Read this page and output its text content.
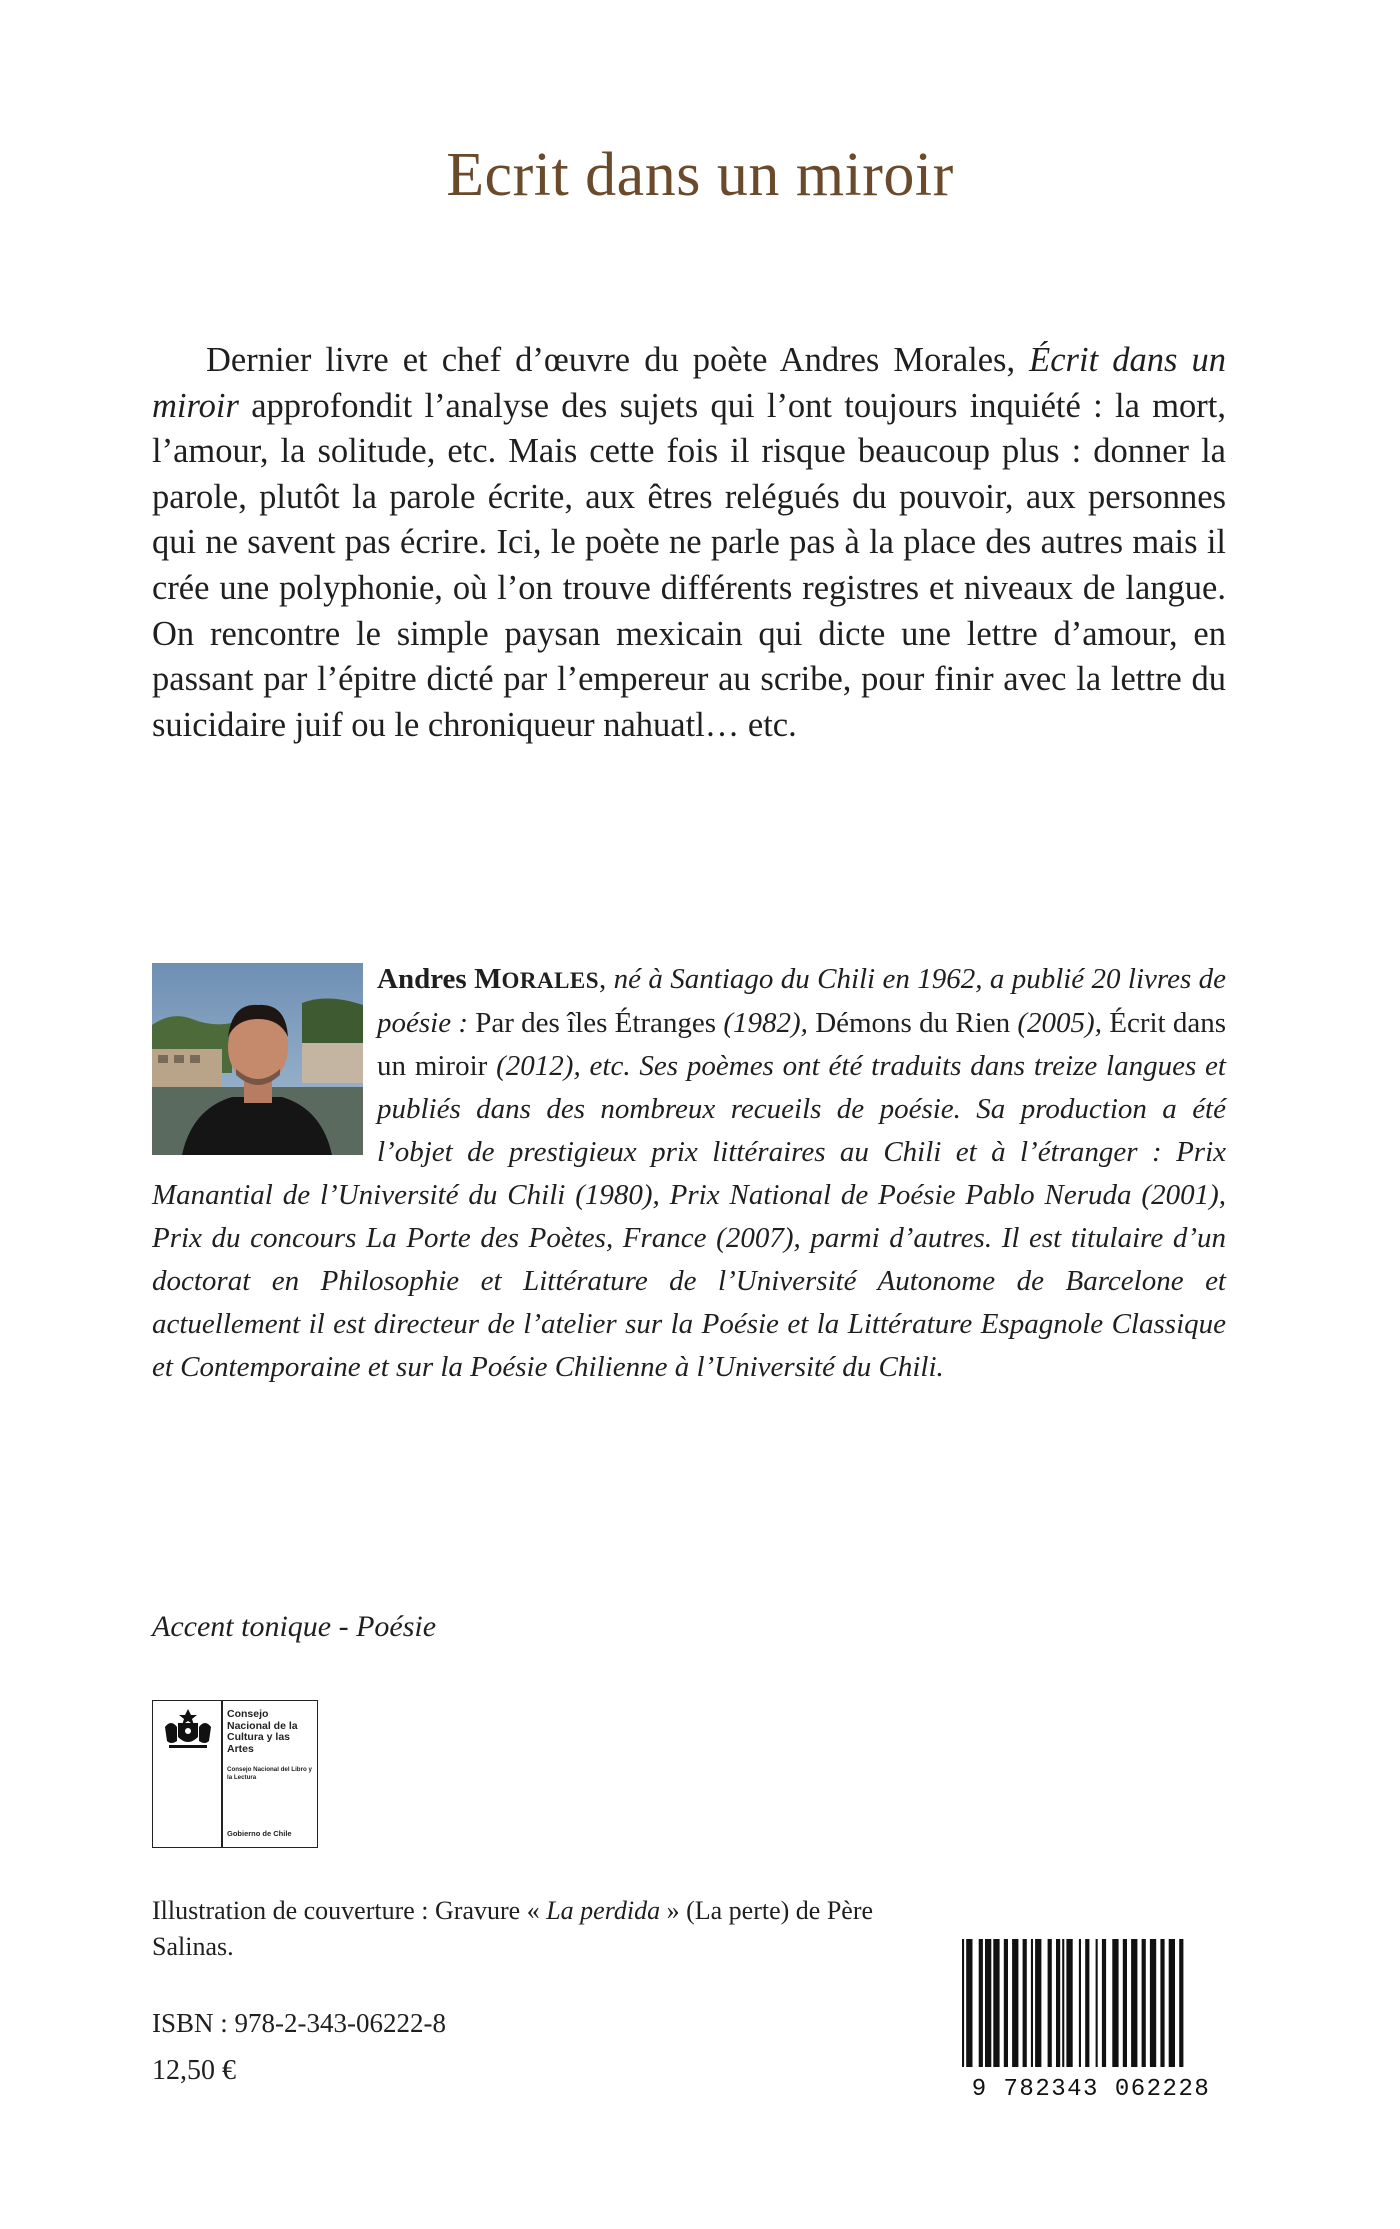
Ecrit dans un miroir

Dernier livre et chef d’œuvre du poète Andres Morales, Écrit dans un miroir approfondit l’analyse des sujets qui l’ont toujours inquiété : la mort, l’amour, la solitude, etc. Mais cette fois il risque beaucoup plus : donner la parole, plutôt la parole écrite, aux êtres relégués du pouvoir, aux personnes qui ne savent pas écrire. Ici, le poète ne parle pas à la place des autres mais il crée une polyphonie, où l’on trouve différents registres et niveaux de langue. On rencontre le simple paysan mexicain qui dicte une lettre d’amour, en passant par l’épitre dicté par l’empereur au scribe, pour finir avec la lettre du suicidaire juif ou le chroniqueur nahuatl… etc.

Andres MORALES, né à Santiago du Chili en 1962, a publié 20 livres de poésie : Par des îles Étranges (1982), Démons du Rien (2005), Écrit dans un miroir (2012), etc. Ses poèmes ont été traduits dans treize langues et publiés dans des nombreux recueils de poésie. Sa production a été l’objet de prestigieux prix littéraires au Chili et à l’étranger : Prix Manantial de l’Université du Chili (1980), Prix National de Poésie Pablo Neruda (2001), Prix du concours La Porte des Poètes, France (2007), parmi d’autres. Il est titulaire d’un doctorat en Philosophie et Littérature de l’Université Autonome de Barcelone et actuellement il est directeur de l’atelier sur la Poésie et la Littérature Espagnole Classique et Contemporaine et sur la Poésie Chilienne à l’Université du Chili.

Accent tonique - Poésie
Consejo Nacional de la Cultura y las Artes
Consejo Nacional del Libro y la Lectura
Gobierno de Chile
Illustration de couverture : Gravure « La perdida » (La perte) de Père Salinas.
ISBN : 978-2-343-06222-8
12,50 €
9 782343 062228
